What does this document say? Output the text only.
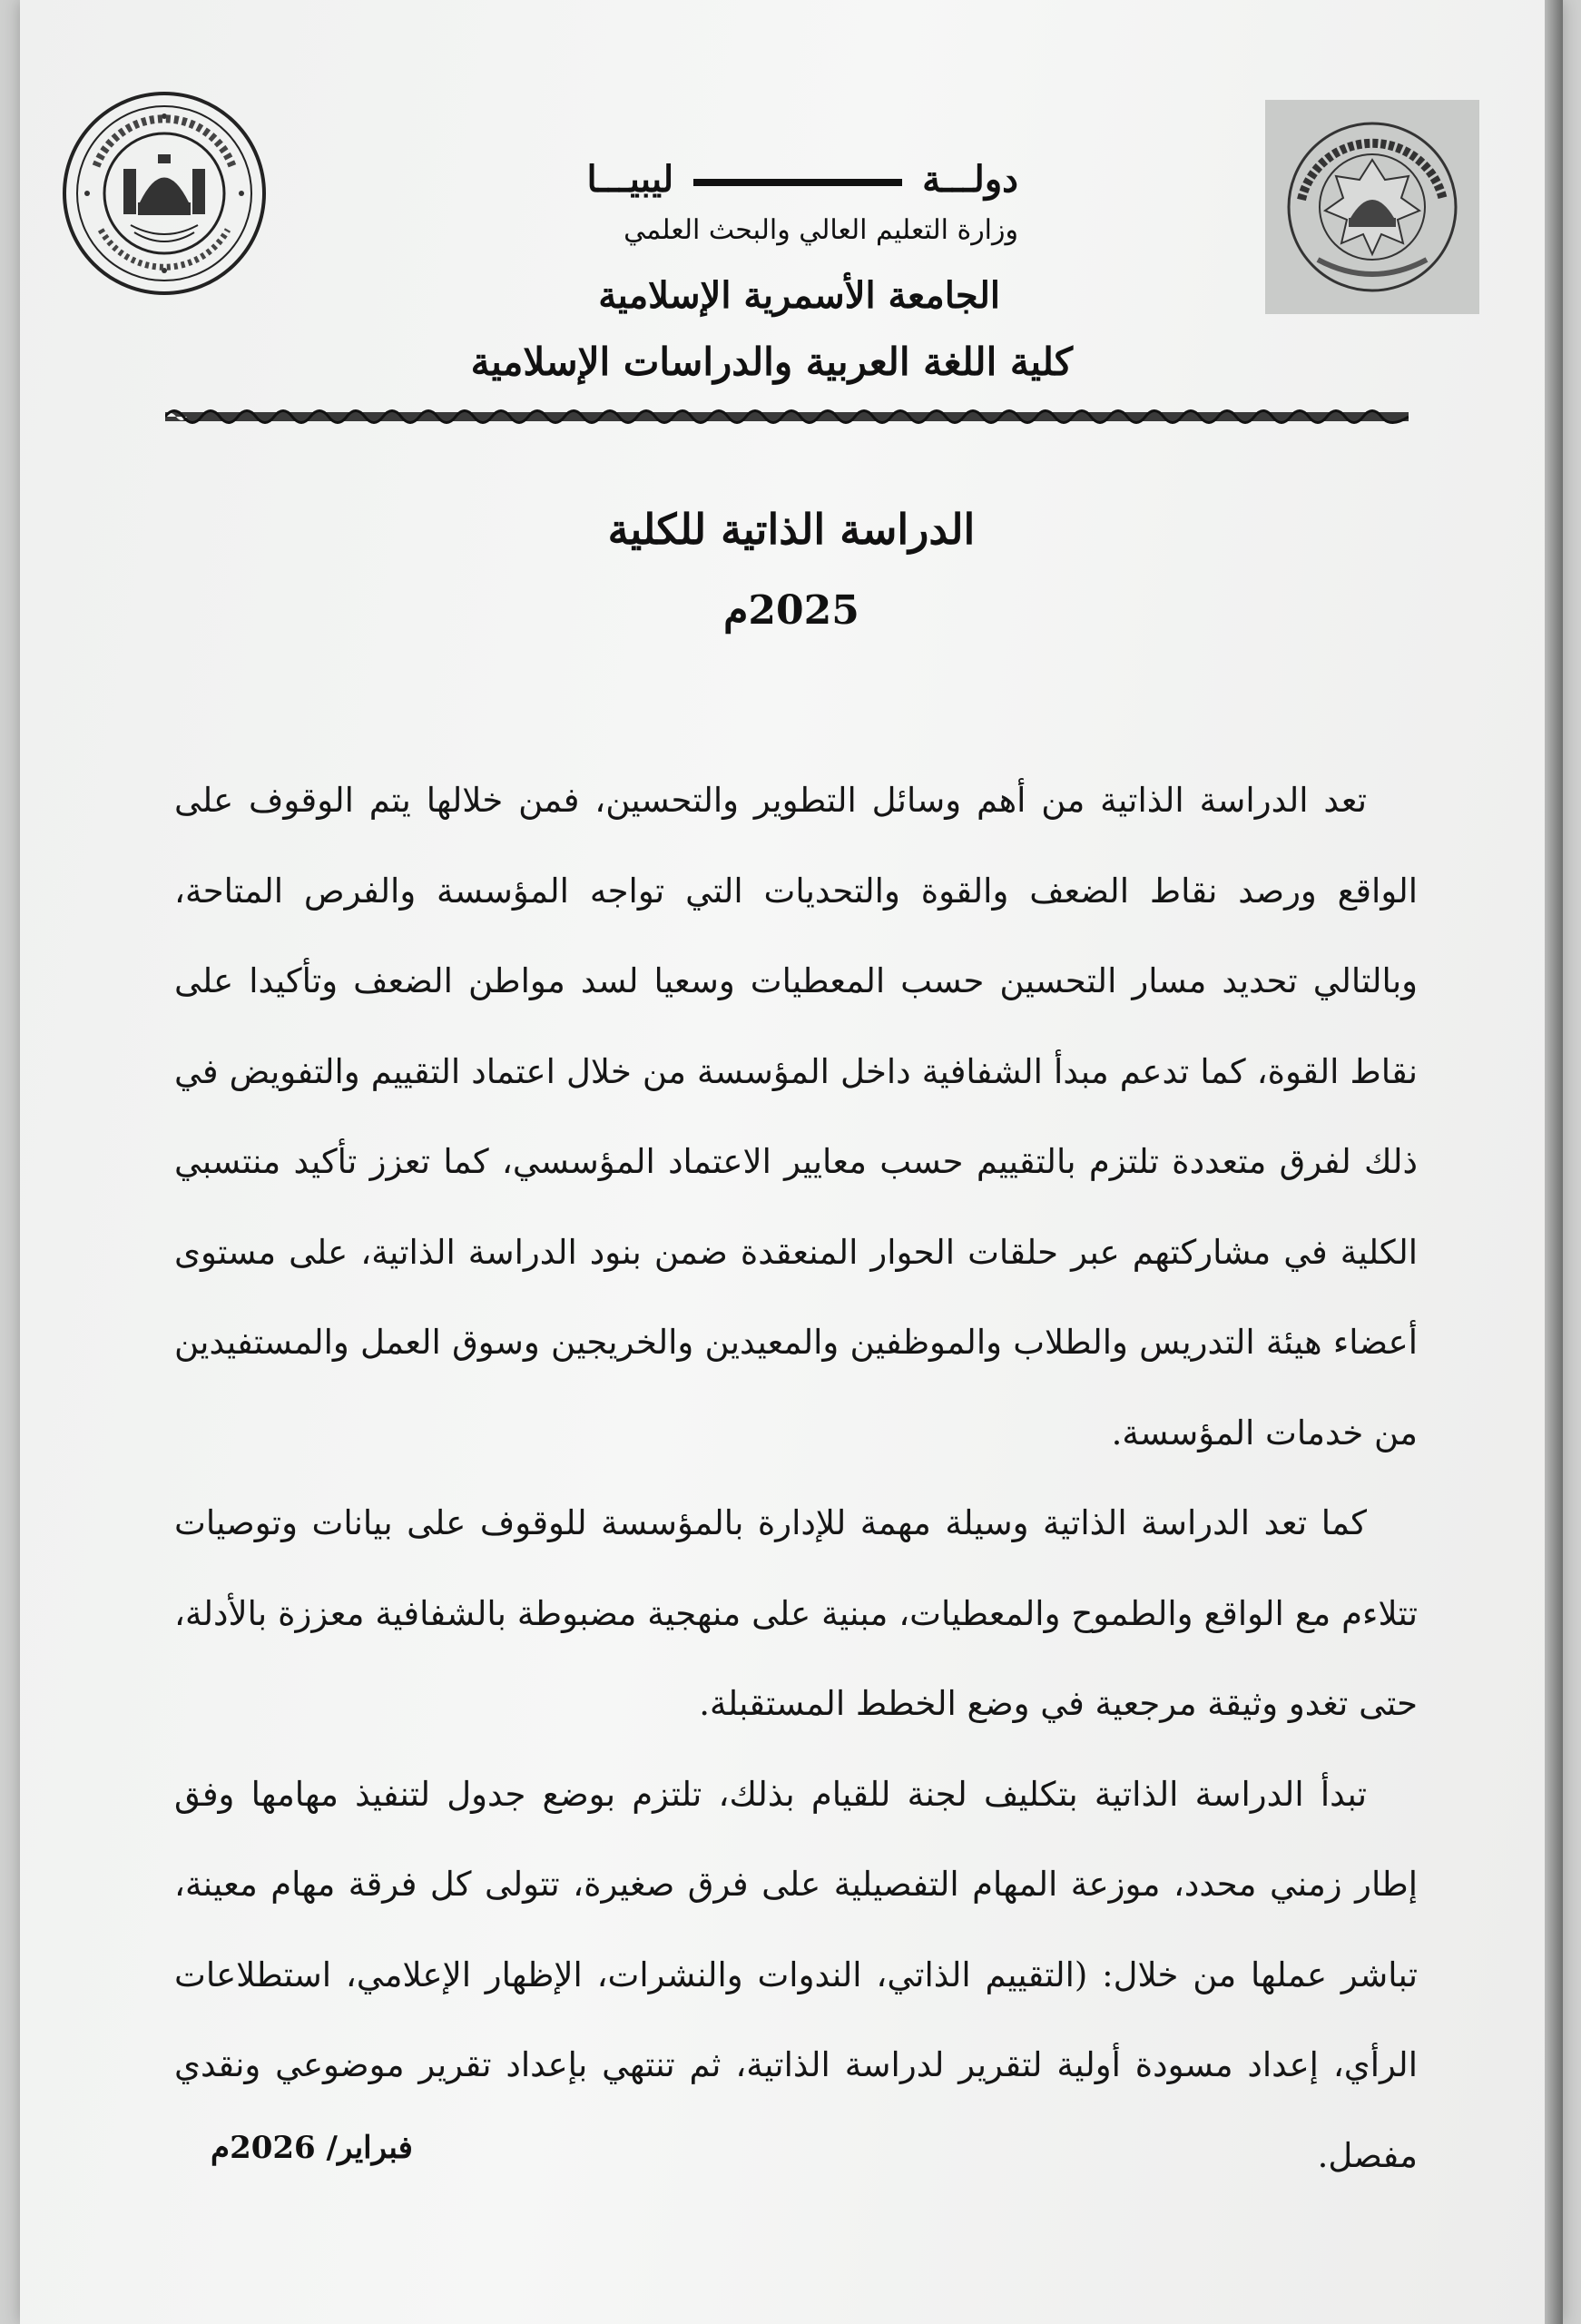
دولـــة  ليبيـــا
وزارة التعليم العالي والبحث العلمي
الجامعة الأسمرية الإسلامية
كلية اللغة العربية والدراسات الإسلامية
الدراسة الذاتية للكلية
2025م

تعد الدراسة الذاتية من أهم وسائل التطوير والتحسين، فمن خلالها يتم الوقوف على الواقع ورصد نقاط الضعف والقوة والتحديات التي تواجه المؤسسة والفرص المتاحة، وبالتالي تحديد مسار التحسين حسب المعطيات وسعيا لسد مواطن الضعف وتأكيدا على نقاط القوة، كما تدعم مبدأ الشفافية داخل المؤسسة من خلال اعتماد التقييم والتفويض في ذلك لفرق متعددة تلتزم بالتقييم حسب معايير الاعتماد المؤسسي، كما تعزز تأكيد منتسبي الكلية في مشاركتهم عبر حلقات الحوار المنعقدة ضمن بنود الدراسة الذاتية، على مستوى أعضاء هيئة التدريس والطلاب والموظفين والمعيدين والخريجين وسوق العمل والمستفيدين من خدمات المؤسسة.

كما تعد الدراسة الذاتية وسيلة مهمة للإدارة بالمؤسسة للوقوف على بيانات وتوصيات تتلاءم مع الواقع والطموح والمعطيات، مبنية على منهجية مضبوطة بالشفافية معززة بالأدلة، حتى تغدو وثيقة مرجعية في وضع الخطط المستقبلة.

تبدأ الدراسة الذاتية بتكليف لجنة للقيام بذلك، تلتزم بوضع جدول لتنفيذ مهامها وفق إطار زمني محدد، موزعة المهام التفصيلية على فرق صغيرة، تتولى كل فرقة مهام معينة، تباشر عملها من خلال: (التقييم الذاتي، الندوات والنشرات، الإظهار الإعلامي، استطلاعات الرأي، إعداد مسودة أولية لتقرير لدراسة الذاتية، ثم تنتهي بإعداد تقرير موضوعي ونقدي مفصل.

فبراير/ 2026م
